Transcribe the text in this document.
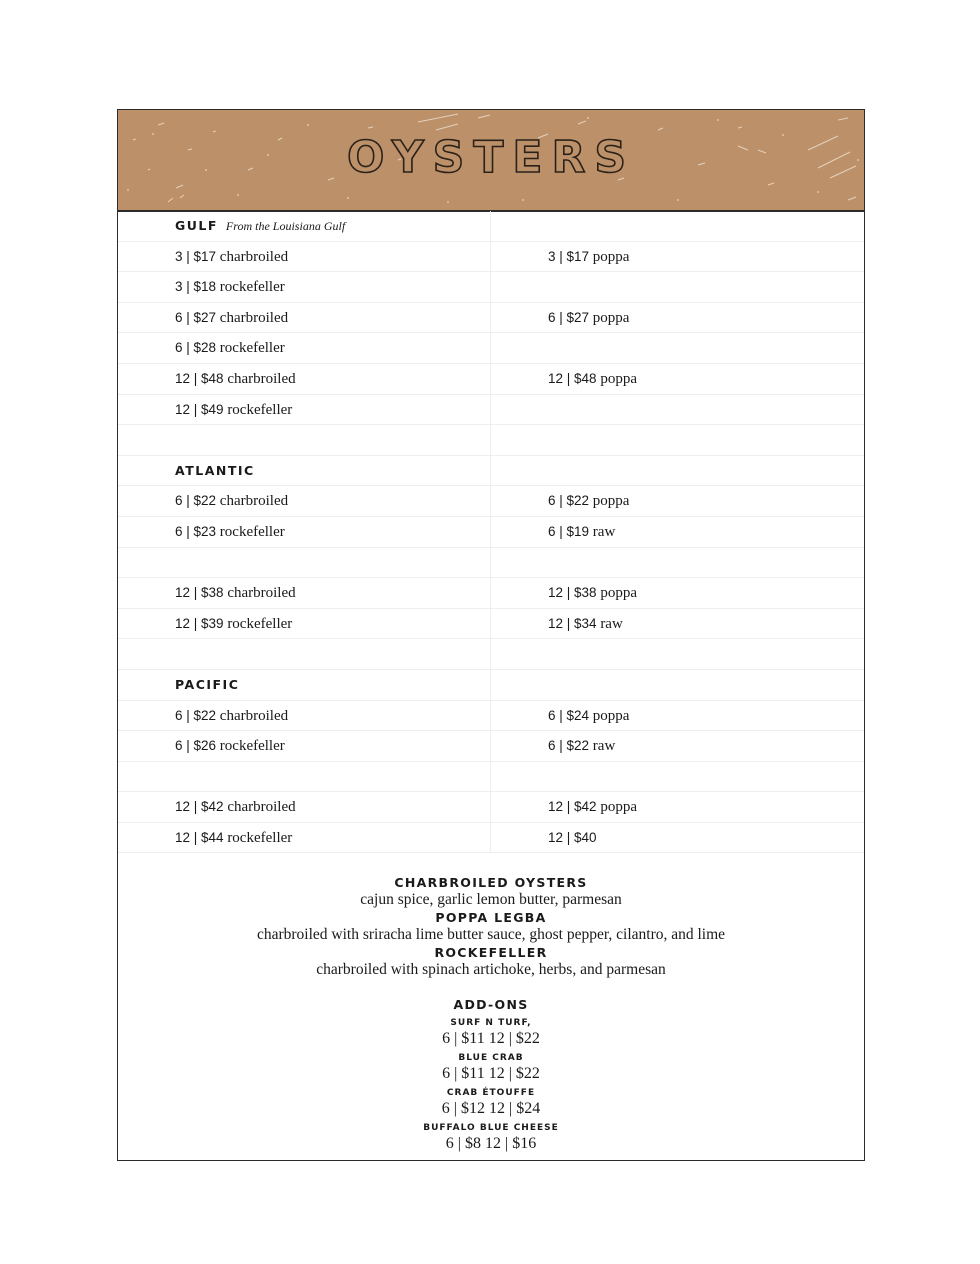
OYSTERS
GULF From the Louisiana Gulf
3 | $17 charbroiled	3 | $17 poppa
3 | $18 rockefeller
6 | $27 charbroiled	6 | $27 poppa
6 | $28 rockefeller
12 | $48 charbroiled	12 | $48 poppa
12 | $49 rockefeller
ATLANTIC
6 | $22 charbroiled	6 | $22 poppa
6 | $23 rockefeller	6 | $19 raw
12 | $38 charbroiled	12 | $38 poppa
12 | $39 rockefeller	12 | $34 raw
PACIFIC
6 | $22 charbroiled	6 | $24 poppa
6 | $26 rockefeller	6 | $22 raw
12 | $42 charbroiled	12 | $42 poppa
12 | $44 rockefeller	12 | $40
CHARBROILED OYSTERS
cajun spice, garlic lemon butter, parmesan
POPPA LEGBA
charbroiled with sriracha lime butter sauce, ghost pepper, cilantro, and lime
ROCKEFELLER
charbroiled with spinach artichoke, herbs, and parmesan
ADD-ONS
SURF N TURF,
6 | $11 12 | $22
BLUE CRAB
6 | $11 12 | $22
CRAB ÉTOUFFE
6 | $12 12 | $24
BUFFALO BLUE CHEESE
6 | $8 12 | $16
